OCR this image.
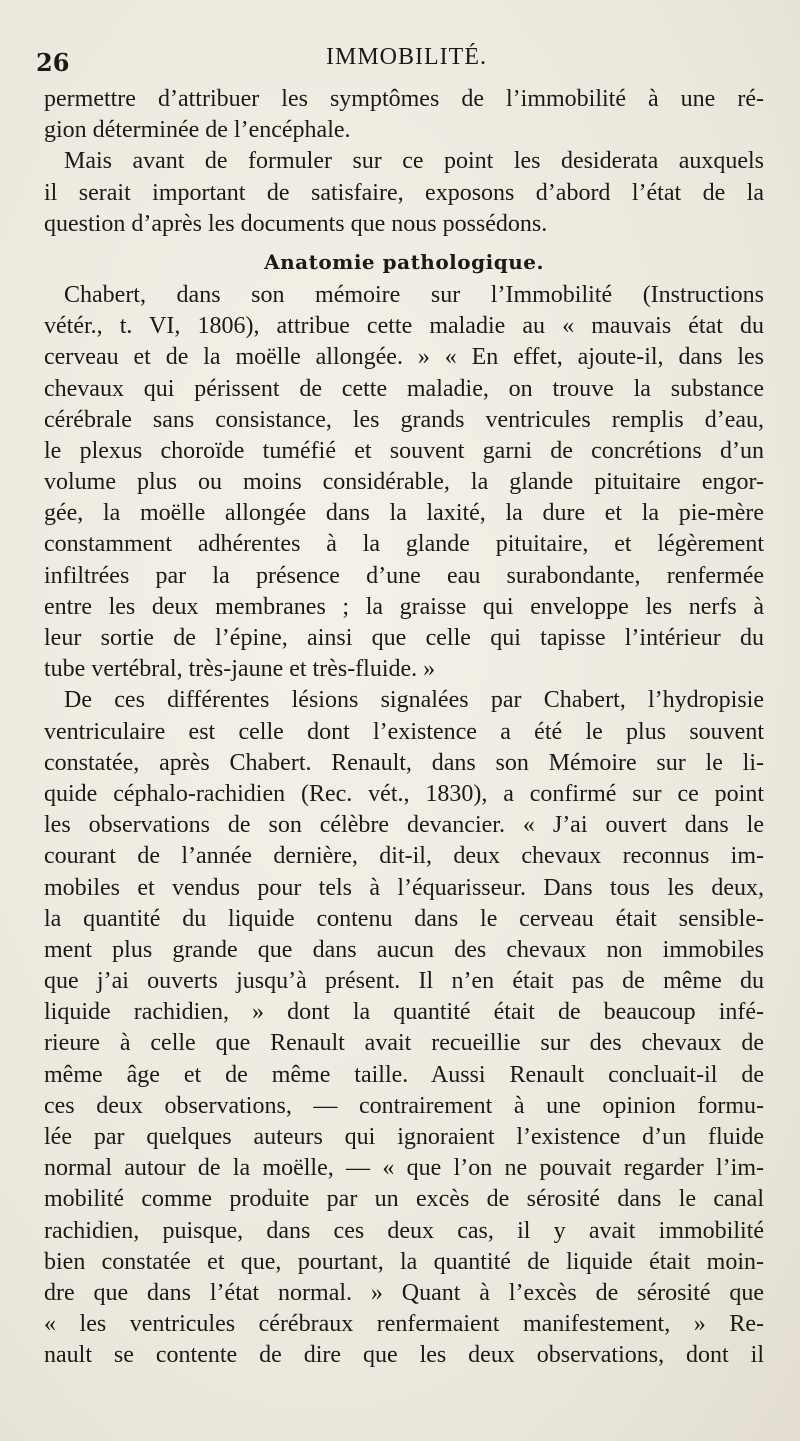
26	IMMOBILITÉ.
permettre d’attribuer les symptômes de l’immobilité à une ré-
gion déterminée de l’encéphale.
Mais avant de formuler sur ce point les desiderata auxquels
il serait important de satisfaire, exposons d’abord l’état de la
question d’après les documents que nous possédons.
Anatomie pathologique.
Chabert, dans son mémoire sur l’Immobilité (Instructions
vétér., t. VI, 1806), attribue cette maladie au « mauvais état du
cerveau et de la moëlle allongée. » « En effet, ajoute-il, dans les
chevaux qui périssent de cette maladie, on trouve la substance
cérébrale sans consistance, les grands ventricules remplis d’eau,
le plexus choroïde tuméfié et souvent garni de concrétions d’un
volume plus ou moins considérable, la glande pituitaire engor-
gée, la moëlle allongée dans la laxité, la dure et la pie-mère
constamment adhérentes à la glande pituitaire, et légèrement
infiltrées par la présence d’une eau surabondante, renfermée
entre les deux membranes ; la graisse qui enveloppe les nerfs à
leur sortie de l’épine, ainsi que celle qui tapisse l’intérieur du
tube vertébral, très-jaune et très-fluide. »
De ces différentes lésions signalées par Chabert, l’hydropisie
ventriculaire est celle dont l’existence a été le plus souvent
constatée, après Chabert. Renault, dans son Mémoire sur le li-
quide céphalo-rachidien (Rec. vét., 1830), a confirmé sur ce point
les observations de son célèbre devancier. « J’ai ouvert dans le
courant de l’année dernière, dit-il, deux chevaux reconnus im-
mobiles et vendus pour tels à l’équarisseur. Dans tous les deux,
la quantité du liquide contenu dans le cerveau était sensible-
ment plus grande que dans aucun des chevaux non immobiles
que j’ai ouverts jusqu’à présent. Il n’en était pas de même du
liquide rachidien, » dont la quantité était de beaucoup infé-
rieure à celle que Renault avait recueillie sur des chevaux de
même âge et de même taille. Aussi Renault concluait-il de
ces deux observations, — contrairement à une opinion formu-
lée par quelques auteurs qui ignoraient l’existence d’un fluide
normal autour de la moëlle, — « que l’on ne pouvait regarder l’im-
mobilité comme produite par un excès de sérosité dans le canal
rachidien, puisque, dans ces deux cas, il y avait immobilité
bien constatée et que, pourtant, la quantité de liquide était moin-
dre que dans l’état normal. » Quant à l’excès de sérosité que
« les ventricules cérébraux renfermaient manifestement, » Re-
nault se contente de dire que les deux observations, dont il
